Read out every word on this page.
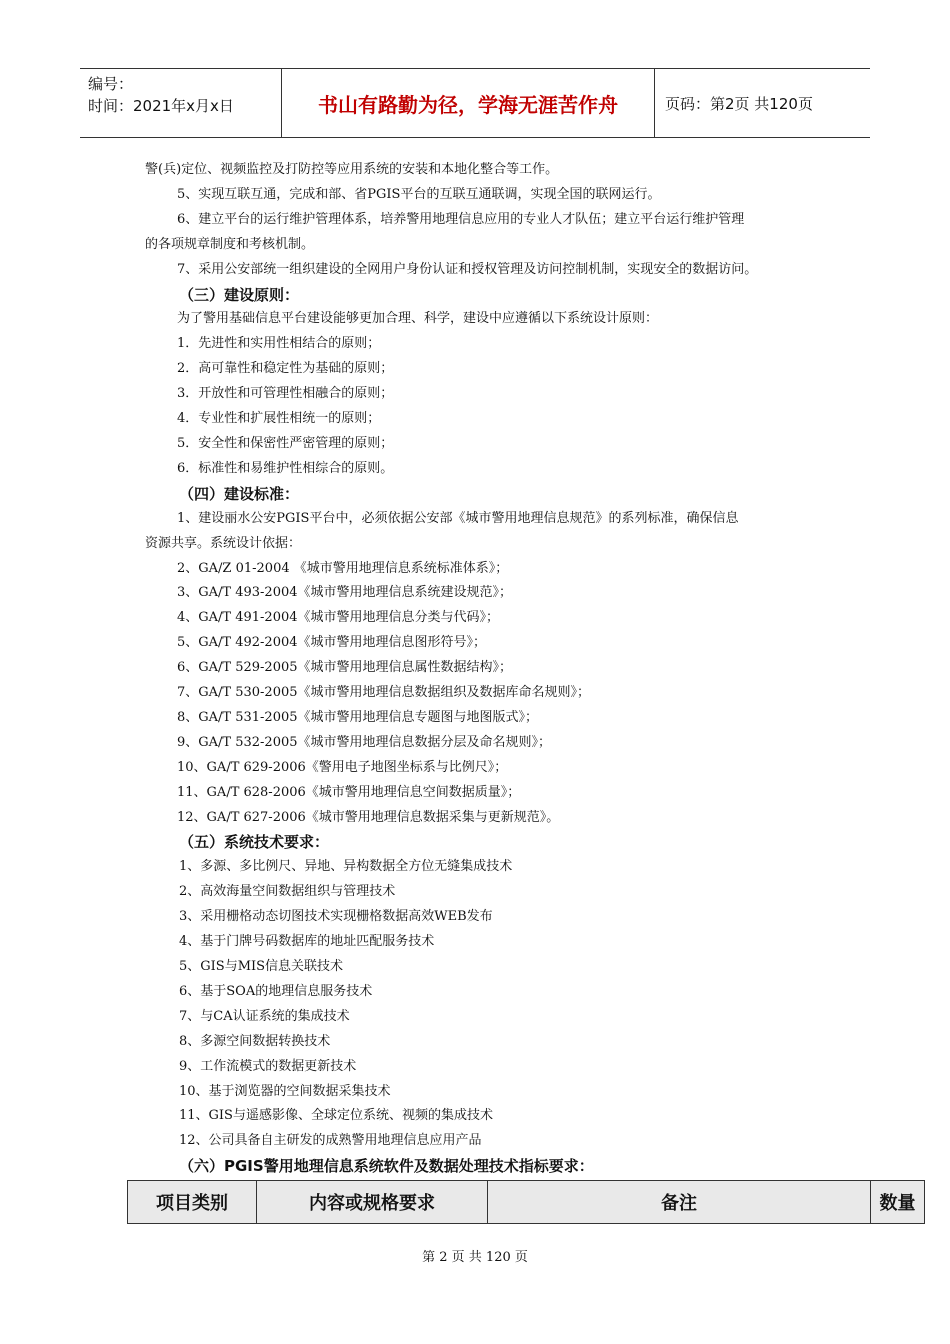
编号：
时间：2021年x月x日	书山有路勤为径，学海无涯苦作舟	页码：第2页 共120页
警(兵)定位、视频监控及打防控等应用系统的安装和本地化整合等工作。
5、实现互联互通，完成和部、省PGIS平台的互联互通联调，实现全国的联网运行。
6、建立平台的运行维护管理体系，培养警用地理信息应用的专业人才队伍；建立平台运行维护管理
的各项规章制度和考核机制。
7、采用公安部统一组织建设的全网用户身份认证和授权管理及访问控制机制，实现安全的数据访问。
（三）建设原则：
为了警用基础信息平台建设能够更加合理、科学，建设中应遵循以下系统设计原则：
1．先进性和实用性相结合的原则；
2．高可靠性和稳定性为基础的原则；
3．开放性和可管理性相融合的原则；
4．专业性和扩展性相统一的原则；
5．安全性和保密性严密管理的原则；
6．标准性和易维护性相综合的原则。
（四）建设标准：
1、建设丽水公安PGIS平台中，必须依据公安部《城市警用地理信息规范》的系列标准，确保信息
资源共享。系统设计依据：
2、GA/Z 01-2004 《城市警用地理信息系统标准体系》；
3、GA/T 493-2004《城市警用地理信息系统建设规范》；
4、GA/T 491-2004《城市警用地理信息分类与代码》；
5、GA/T 492-2004《城市警用地理信息图形符号》；
6、GA/T 529-2005《城市警用地理信息属性数据结构》；
7、GA/T 530-2005《城市警用地理信息数据组织及数据库命名规则》；
8、GA/T 531-2005《城市警用地理信息专题图与地图版式》；
9、GA/T 532-2005《城市警用地理信息数据分层及命名规则》；
10、GA/T 629-2006《警用电子地图坐标系与比例尺》；
11、GA/T 628-2006《城市警用地理信息空间数据质量》；
12、GA/T 627-2006《城市警用地理信息数据采集与更新规范》。
（五）系统技术要求：
1、多源、多比例尺、异地、异构数据全方位无缝集成技术
2、高效海量空间数据组织与管理技术
3、采用栅格动态切图技术实现栅格数据高效WEB发布
4、基于门牌号码数据库的地址匹配服务技术
5、GIS与MIS信息关联技术
6、基于SOA的地理信息服务技术
7、与CA认证系统的集成技术
8、多源空间数据转换技术
9、工作流模式的数据更新技术
10、基于浏览器的空间数据采集技术
11、GIS与遥感影像、全球定位系统、视频的集成技术
12、公司具备自主研发的成熟警用地理信息应用产品
（六）PGIS警用地理信息系统软件及数据处理技术指标要求：
项目类别	内容或规格要求	备注	数量
第 2 页 共 120 页
